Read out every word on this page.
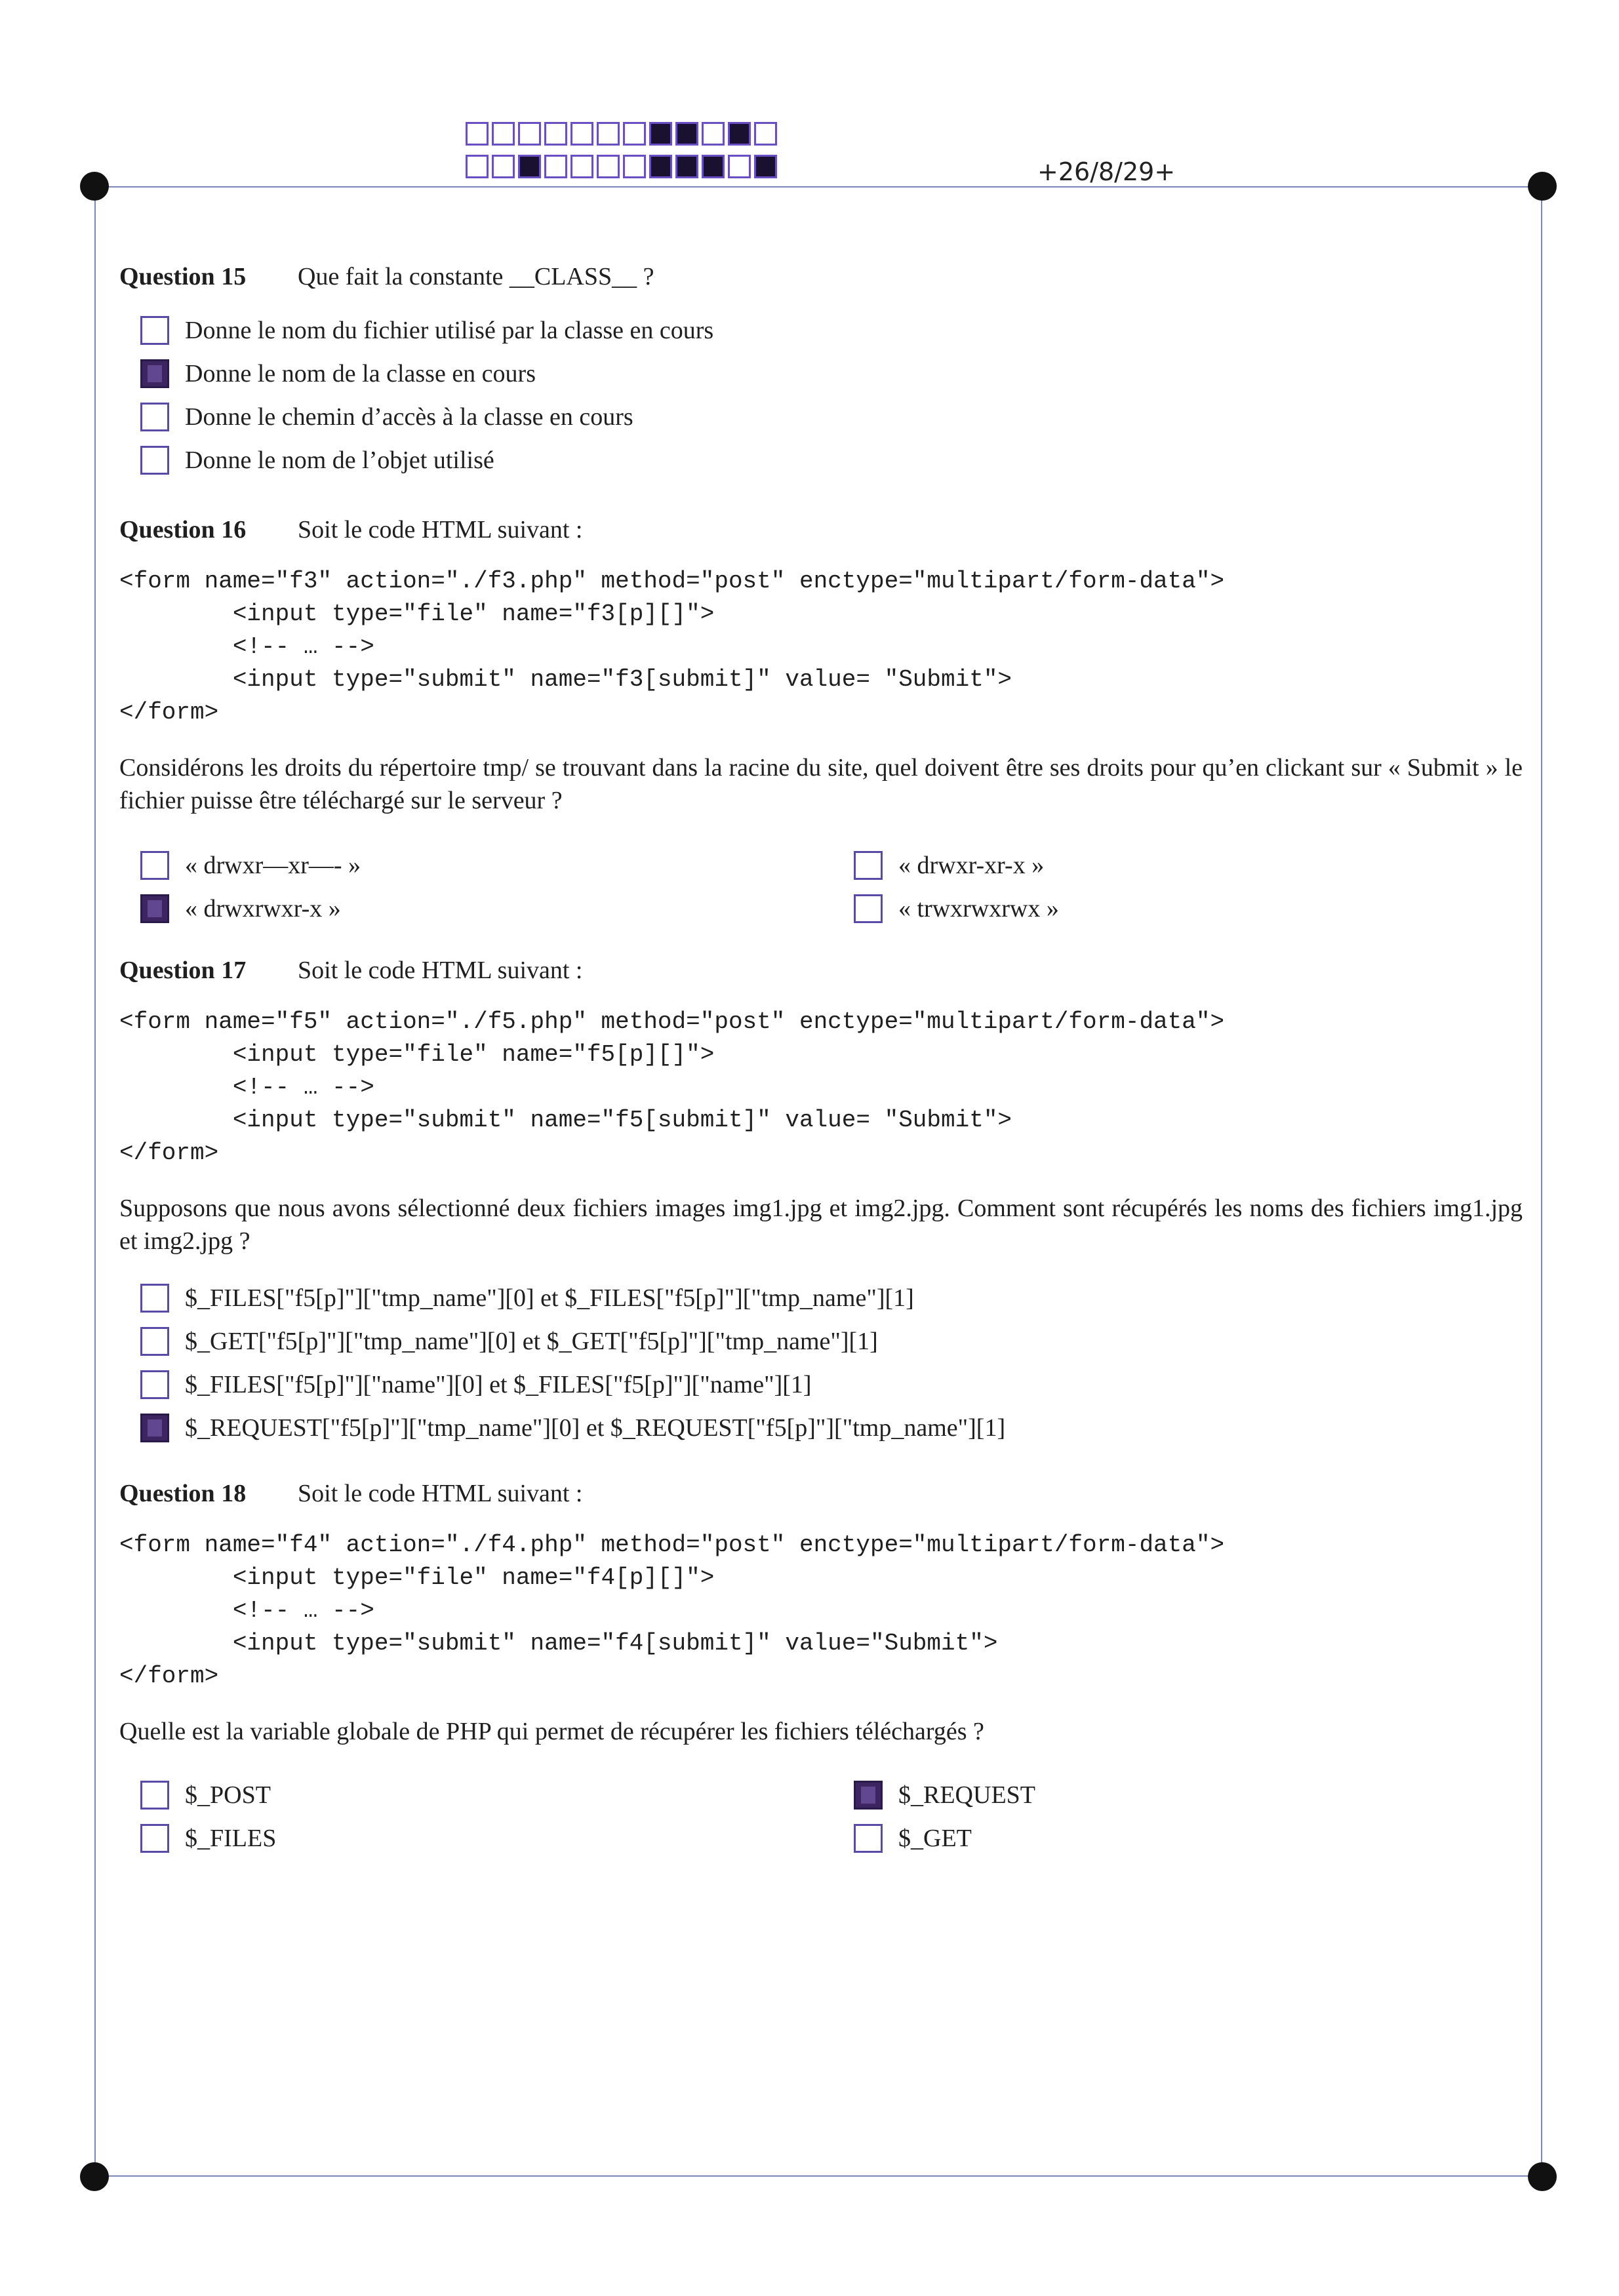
+26/8/29+
Question 15	Que fait la constante __CLASS__ ?
Donne le nom du fichier utilisé par la classe en cours
Donne le nom de la classe en cours
Donne le chemin d’accès à la classe en cours
Donne le nom de l’objet utilisé
Question 16	Soit le code HTML suivant :
<form name="f3" action="./f3.php" method="post" enctype="multipart/form-data">
<input type="file" name="f3[p][]">
<!-- … -->
<input type="submit" name="f3[submit]" value= "Submit">
</form>
Considérons les droits du répertoire tmp/ se trouvant dans la racine du site, quel doivent être ses droits pour qu’en clickant sur « Submit » le fichier puisse être téléchargé sur le serveur ?
« drwxr—xr—- »	« drwxr-xr-x »
« drwxrwxr-x »	« trwxrwxrwx »
Question 17	Soit le code HTML suivant :
<form name="f5" action="./f5.php" method="post" enctype="multipart/form-data">
<input type="file" name="f5[p][]">
<!-- … -->
<input type="submit" name="f5[submit]" value= "Submit">
</form>
Supposons que nous avons sélectionné deux fichiers images img1.jpg et img2.jpg. Comment sont récupérés les noms des fichiers img1.jpg et img2.jpg ?
$_FILES["f5[p]"]["tmp_name"][0] et $_FILES["f5[p]"]["tmp_name"][1]
$_GET["f5[p]"]["tmp_name"][0] et $_GET["f5[p]"]["tmp_name"][1]
$_FILES["f5[p]"]["name"][0] et $_FILES["f5[p]"]["name"][1]
$_REQUEST["f5[p]"]["tmp_name"][0] et $_REQUEST["f5[p]"]["tmp_name"][1]
Question 18	Soit le code HTML suivant :
<form name="f4" action="./f4.php" method="post" enctype="multipart/form-data">
<input type="file" name="f4[p][]">
<!-- … -->
<input type="submit" name="f4[submit]" value="Submit">
</form>
Quelle est la variable globale de PHP qui permet de récupérer les fichiers téléchargés ?
$_POST	$_REQUEST
$_FILES	$_GET
